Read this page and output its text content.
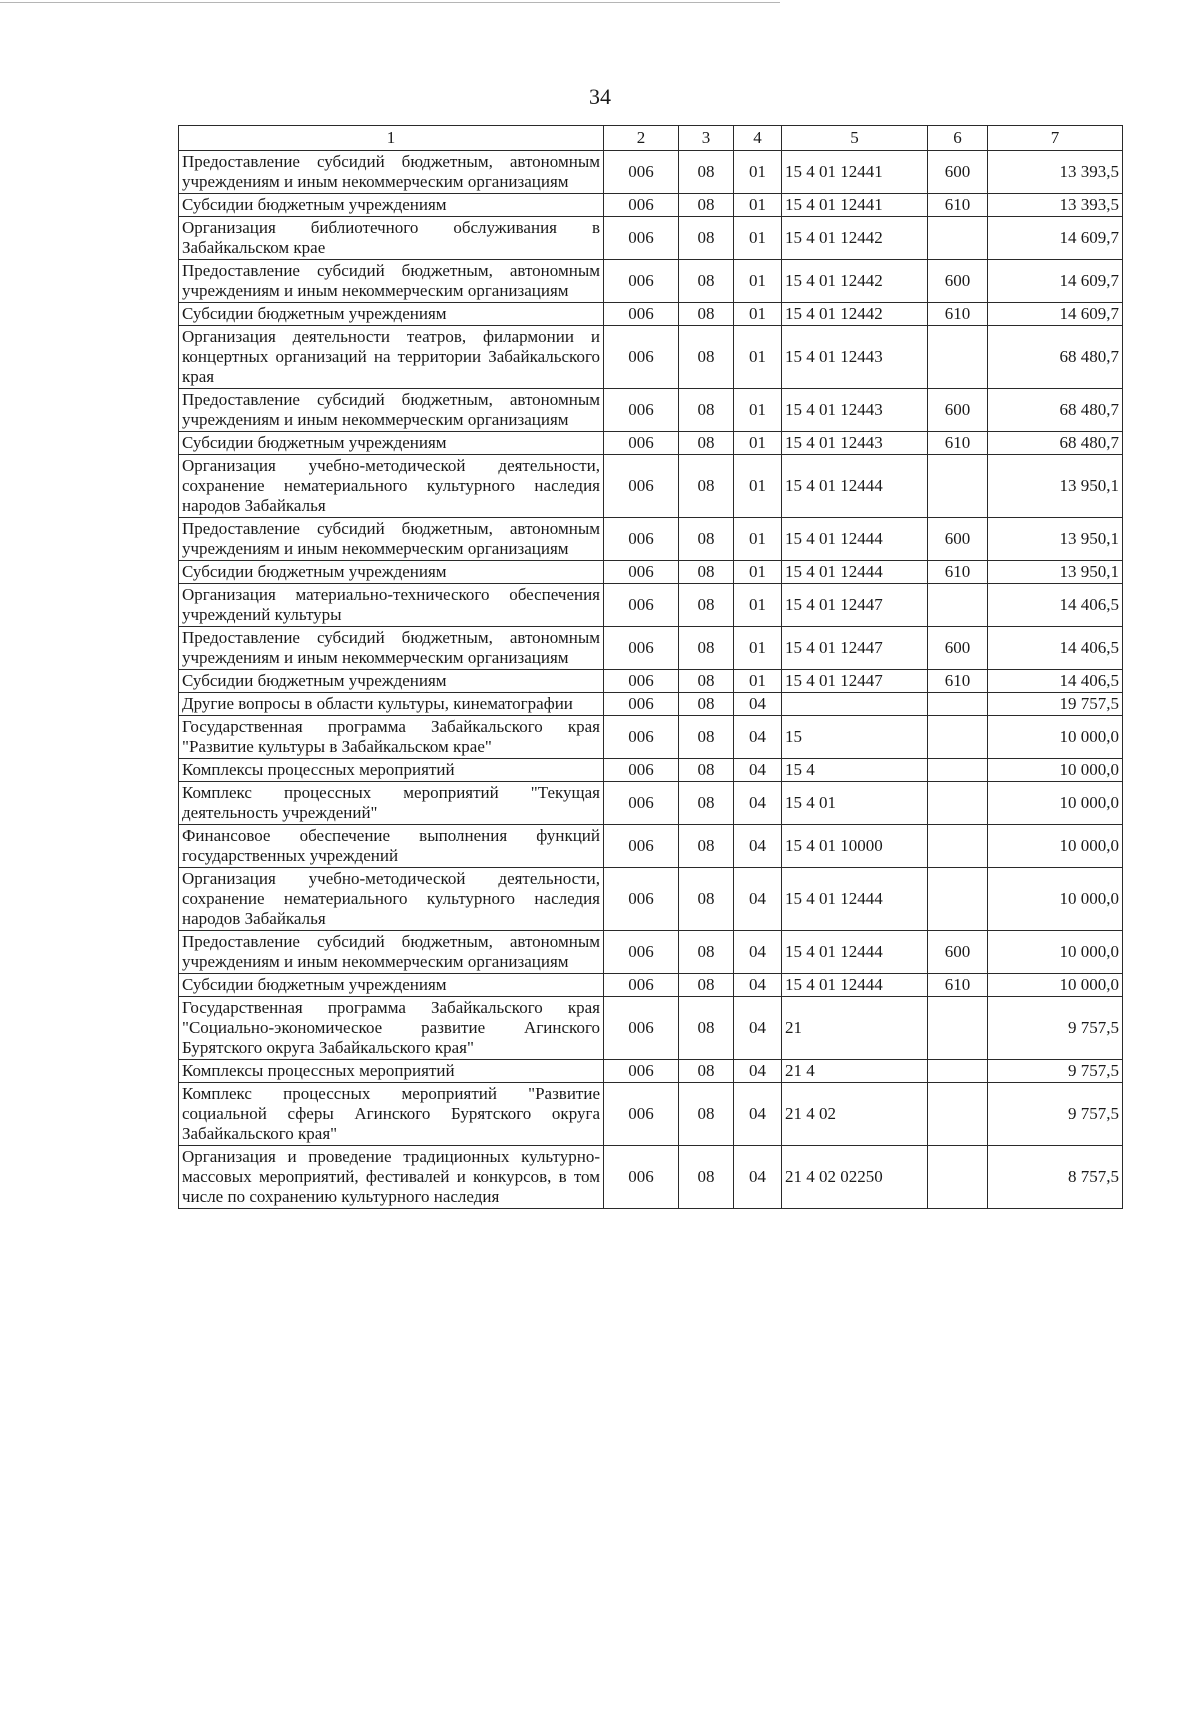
34
1	2	3	4	5	6	7
Предоставление субсидий бюджетным, автономным учреждениям и иным некоммерческим организациям	006	08	01	15 4 01 12441	600	13 393,5
Субсидии бюджетным учреждениям	006	08	01	15 4 01 12441	610	13 393,5
Организация библиотечного обслуживания в Забайкальском крае	006	08	01	15 4 01 12442		14 609,7
Предоставление субсидий бюджетным, автономным учреждениям и иным некоммерческим организациям	006	08	01	15 4 01 12442	600	14 609,7
Субсидии бюджетным учреждениям	006	08	01	15 4 01 12442	610	14 609,7
Организация деятельности театров, филармонии и концертных организаций на территории Забайкальского края	006	08	01	15 4 01 12443		68 480,7
Предоставление субсидий бюджетным, автономным учреждениям и иным некоммерческим организациям	006	08	01	15 4 01 12443	600	68 480,7
Субсидии бюджетным учреждениям	006	08	01	15 4 01 12443	610	68 480,7
Организация учебно-методической деятельности, сохранение нематериального культурного наследия народов Забайкалья	006	08	01	15 4 01 12444		13 950,1
Предоставление субсидий бюджетным, автономным учреждениям и иным некоммерческим организациям	006	08	01	15 4 01 12444	600	13 950,1
Субсидии бюджетным учреждениям	006	08	01	15 4 01 12444	610	13 950,1
Организация материально-технического обеспечения учреждений культуры	006	08	01	15 4 01 12447		14 406,5
Предоставление субсидий бюджетным, автономным учреждениям и иным некоммерческим организациям	006	08	01	15 4 01 12447	600	14 406,5
Субсидии бюджетным учреждениям	006	08	01	15 4 01 12447	610	14 406,5
Другие вопросы в области культуры, кинематографии	006	08	04			19 757,5
Государственная программа Забайкальского края "Развитие культуры в Забайкальском крае"	006	08	04	15		10 000,0
Комплексы процессных мероприятий	006	08	04	15 4		10 000,0
Комплекс процессных мероприятий "Текущая деятельность учреждений"	006	08	04	15 4 01		10 000,0
Финансовое обеспечение выполнения функций государственных учреждений	006	08	04	15 4 01 10000		10 000,0
Организация учебно-методической деятельности, сохранение нематериального культурного наследия народов Забайкалья	006	08	04	15 4 01 12444		10 000,0
Предоставление субсидий бюджетным, автономным учреждениям и иным некоммерческим организациям	006	08	04	15 4 01 12444	600	10 000,0
Субсидии бюджетным учреждениям	006	08	04	15 4 01 12444	610	10 000,0
Государственная программа Забайкальского края "Социально-экономическое развитие Агинского Бурятского округа Забайкальского края"	006	08	04	21		9 757,5
Комплексы процессных мероприятий	006	08	04	21 4		9 757,5
Комплекс процессных мероприятий "Развитие социальной сферы Агинского Бурятского округа Забайкальского края"	006	08	04	21 4 02		9 757,5
Организация и проведение традиционных культурно-массовых мероприятий, фестивалей и конкурсов, в том числе по сохранению культурного наследия	006	08	04	21 4 02 02250		8 757,5
